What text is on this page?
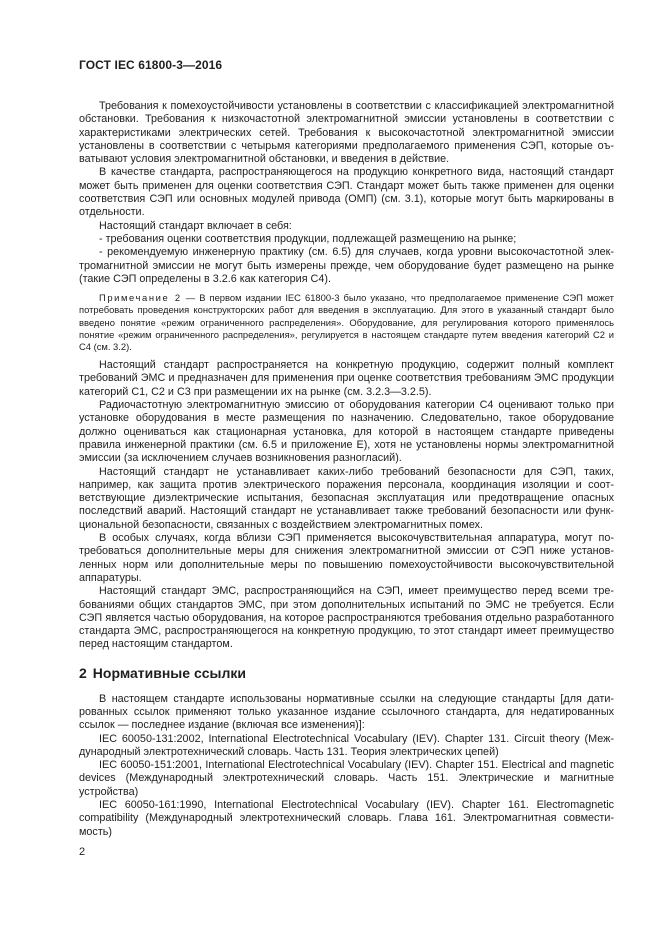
ГОСТ IEC 61800-3—2016

Требования к помехоустойчивости установлены в соответствии с классификацией электромагнитной обстановки. Требования к низкочастотной электромагнитной эмиссии установлены в соответствии с характеристиками электрических сетей. Требования к высокочастотной электромагнитной эмиссии установлены в соответствии с четырьмя категориями предполагаемого применения СЭП, которые оъватывают условия электромагнитной обстановки, и введения в действие.

В качестве стандарта, распространяющегося на продукцию конкретного вида, настоящий стандарт может быть применен для оценки соответствия СЭП. Стандарт может быть также применен для оценки соответствия СЭП или основных модулей привода (ОМП) (см. 3.1), которые могут быть маркированы в отдельности.

Настоящий стандарт включает в себя:

- требования оценки соответствия продукции, подлежащей размещению на рынке;

- рекомендуемую инженерную практику (см. 6.5) для случаев, когда уровни высокочастотной электромагнитной эмиссии не могут быть измерены прежде, чем оборудование будет размещено на рынке (такие СЭП определены в 3.2.6 как категория С4).

Примечание 2 — В первом издании IEC 61800-3 было указано, что предполагаемое применение СЭП может потребовать проведения конструкторских работ для введения в эксплуатацию. Для этого в указанный стандарт было введено понятие «режим ограниченного распределения». Оборудование, для регулирования которого применялось понятие «режим ограниченного распределения», регулируется в настоящем стандарте путем введения категорий С2 и С4 (см. 3.2).

Настоящий стандарт распространяется на конкретную продукцию, содержит полный комплект требований ЭМС и предназначен для применения при оценке соответствия требованиям ЭМС продукции категорий С1, С2 и С3 при размещении их на рынке (см. 3.2.3—3.2.5).

Радиочастотную электромагнитную эмиссию от оборудования категории С4 оценивают только при установке оборудования в месте размещения по назначению. Следовательно, такое оборудование должно оцениваться как стационарная установка, для которой в настоящем стандарте приведены правила инженерной практики (см. 6.5 и приложение Е), хотя не установлены нормы электромагнитной эмиссии (за исключением случаев возникновения разногласий).

Настоящий стандарт не устанавливает каких-либо требований безопасности для СЭП, таких, например, как защита против электрического поражения персонала, координация изоляции и соответствующие диэлектрические испытания, безопасная эксплуатация или предотвращение опасных последствий аварий. Настоящий стандарт не устанавливает также требований безопасности или функциональной безопасности, связанных с воздействием электромагнитных помех.

В особых случаях, когда вблизи СЭП применяется высокочувствительная аппаратура, могут потребоваться дополнительные меры для снижения электромагнитной эмиссии от СЭП ниже установленных норм или дополнительные меры по повышению помехоустойчивости высокочувствительной аппаратуры.

Настоящий стандарт ЭМС, распространяющийся на СЭП, имеет преимущество перед всеми требованиями общих стандартов ЭМС, при этом дополнительных испытаний по ЭМС не требуется. Если СЭП является частью оборудования, на которое распространяются требования отдельно разработанного стандарта ЭМС, распространяющегося на конкретную продукцию, то этот стандарт имеет преимущество перед настоящим стандартом.

2 Нормативные ссылки

В настоящем стандарте использованы нормативные ссылки на следующие стандарты [для датированных ссылок применяют только указанное издание ссылочного стандарта, для недатированных ссылок — последнее издание (включая все изменения)]:

IEC 60050-131:2002, International Electrotechnical Vocabulary (IEV). Chapter 131. Circuit theory (Международный электротехнический словарь. Часть 131. Теория электрических цепей)

IEC 60050-151:2001, International Electrotechnical Vocabulary (IEV). Chapter 151. Electrical and magnetic devices (Международный электротехнический словарь. Часть 151. Электрические и магнитные устройства)

IEC 60050-161:1990, International Electrotechnical Vocabulary (IEV). Chapter 161. Electromagnetic compatibility (Международный электротехнический словарь. Глава 161. Электромагнитная совместимость)

2
